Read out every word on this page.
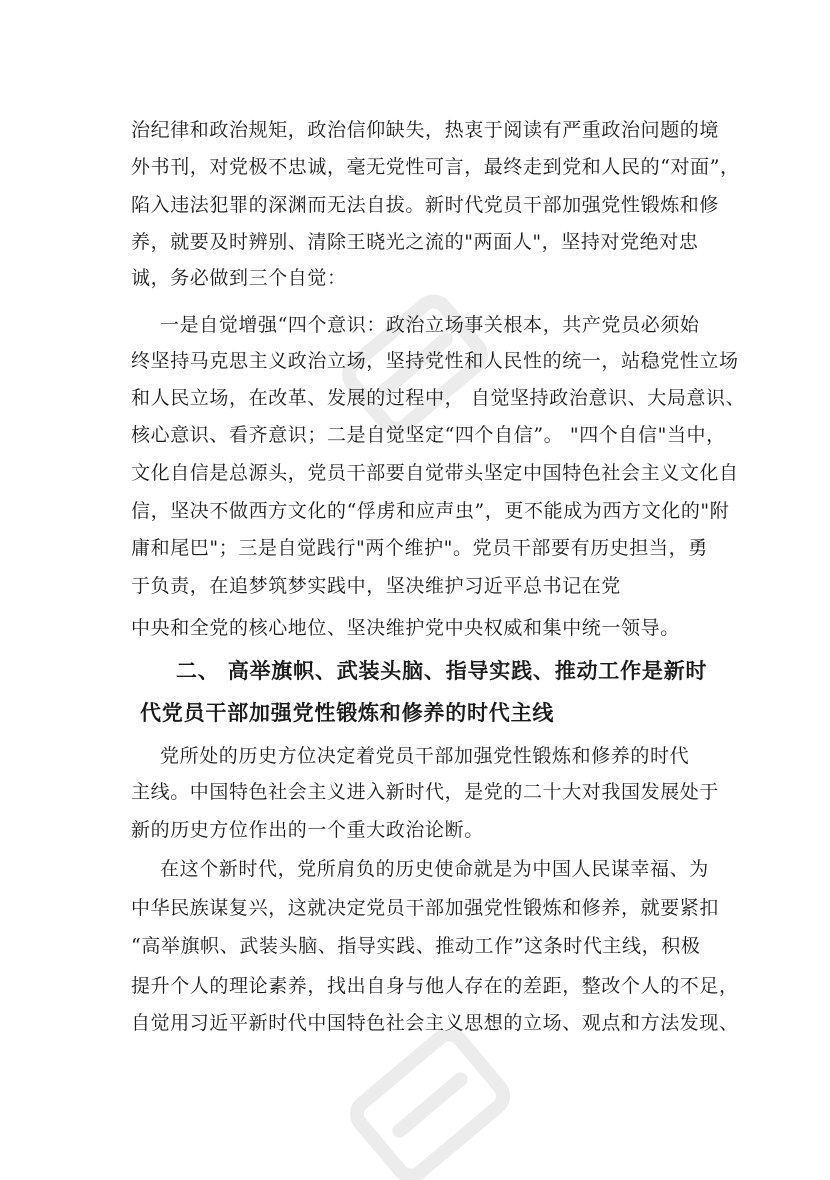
治纪律和政治规矩，政治信仰缺失，热衷于阅读有严重政治问题的境
外书刊，对党极不忠诚，毫无党性可言，最终走到党和人民的“对面”，
陷入违法犯罪的深渊而无法自拔。新时代党员干部加强党性锻炼和修
养，就要及时辨别、清除王晓光之流的"两面人"，坚持对党绝对忠
诚，务必做到三个自觉：
一是自觉增强“四个意识：政治立场事关根本，共产党员必须始
终坚持马克思主义政治立场，坚持党性和人民性的统一，站稳党性立场
和人民立场，在改革、发展的过程中， 自觉坚持政治意识、大局意识、
核心意识、看齐意识；二是自觉坚定“四个自信”。 "四个自信"当中，
文化自信是总源头，党员干部要自觉带头坚定中国特色社会主义文化自
信，坚决不做西方文化的“俘虏和应声虫”，更不能成为西方文化的"附
庸和尾巴"；三是自觉践行"两个维护"。党员干部要有历史担当，勇
于负责，在追梦筑梦实践中，坚决维护习近平总书记在党
中央和全党的核心地位、坚决维护党中央权威和集中统一领导。
二、 高举旗帜、武装头脑、指导实践、推动工作是新时
代党员干部加强党性锻炼和修养的时代主线
党所处的历史方位决定着党员干部加强党性锻炼和修养的时代
主线。中国特色社会主义进入新时代，是党的二十大对我国发展处于
新的历史方位作出的一个重大政治论断。
在这个新时代，党所肩负的历史使命就是为中国人民谋幸福、为
中华民族谋复兴，这就决定党员干部加强党性锻炼和修养，就要紧扣
“高举旗帜、武装头脑、指导实践、推动工作”这条时代主线，积极
提升个人的理论素养，找出自身与他人存在的差距，整改个人的不足，
自觉用习近平新时代中国特色社会主义思想的立场、观点和方法发现、
